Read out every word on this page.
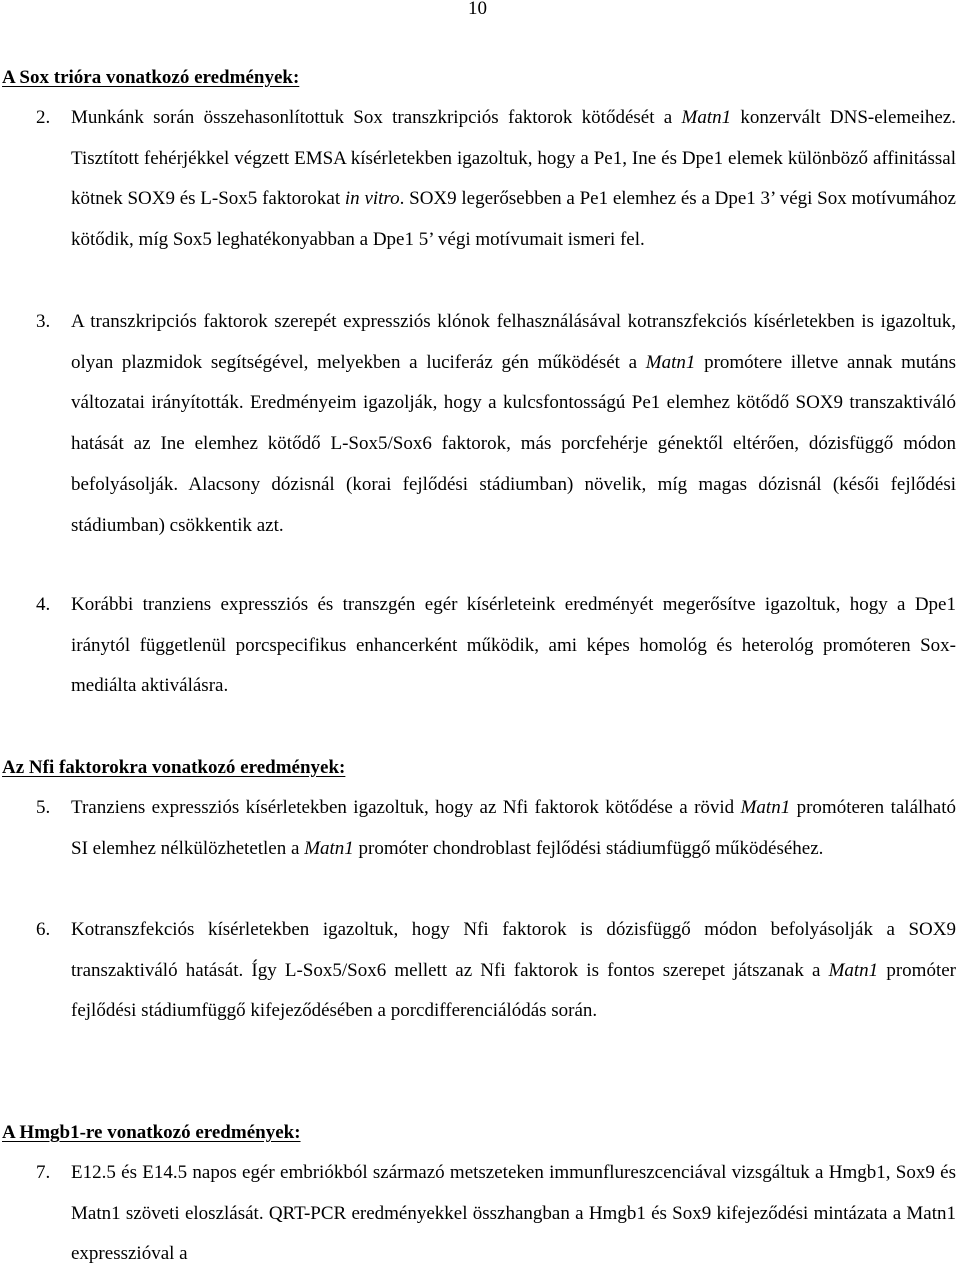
10
A Sox trióra vonatkozó eredmények:
2. Munkánk során összehasonlítottuk Sox transzkripciós faktorok kötődését a Matn1 konzervált DNS-elemeihez. Tisztított fehérjékkel végzett EMSA kísérletekben igazoltuk, hogy a Pe1, Ine és Dpe1 elemek különböző affinitással kötnek SOX9 és L-Sox5 faktorokat in vitro. SOX9 legerősebben a Pe1 elemhez és a Dpe1 3’ végi Sox motívumához kötődik, míg Sox5 leghatékonyabban a Dpe1 5’ végi motívumait ismeri fel.
3. A transzkripciós faktorok szerepét expressziós klónok felhasználásával kotranszfekciós kísérletekben is igazoltuk, olyan plazmidok segítségével, melyekben a luciferáz gén működését a Matn1 promótere illetve annak mutáns változatai irányították. Eredményeim igazolják, hogy a kulcsfontosságú Pe1 elemhez kötődő SOX9 transzaktiváló hatását az Ine elemhez kötődő L-Sox5/Sox6 faktorok, más porcfehérje génektől eltérően, dózisfüggő módon befolyásolják. Alacsony dózisnál (korai fejlődési stádiumban) növelik, míg magas dózisnál (késői fejlődési stádiumban) csökkentik azt.
4. Korábbi tranziens expressziós és transzgén egér kísérleteink eredményét megerősítve igazoltuk, hogy a Dpe1 iránytól függetlenül porcspecifikus enhancerként működik, ami képes homológ és heterológ promóteren Sox-mediálta aktiválásra.
Az Nfi faktorokra vonatkozó eredmények:
5. Tranziens expressziós kísérletekben igazoltuk, hogy az Nfi faktorok kötődése a rövid Matn1 promóteren található SI elemhez nélkülözhetetlen a Matn1 promóter chondroblast fejlődési stádiumfüggő működéséhez.
6. Kotranszfekciós kísérletekben igazoltuk, hogy Nfi faktorok is dózisfüggő módon befolyásolják a SOX9 transzaktiváló hatását. Így L-Sox5/Sox6 mellett az Nfi faktorok is fontos szerepet játszanak a Matn1 promóter fejlődési stádiumfüggő kifejeződésében a porcdifferenciálódás során.
A Hmgb1-re vonatkozó eredmények:
7. E12.5 és E14.5 napos egér embriókból származó metszeteken immunflureszcenciával vizsgáltuk a Hmgb1, Sox9 és Matn1 szöveti eloszlását. QRT-PCR eredményekkel összhangban a Hmgb1 és Sox9 kifejeződési mintázata a Matn1 expresszióval a
